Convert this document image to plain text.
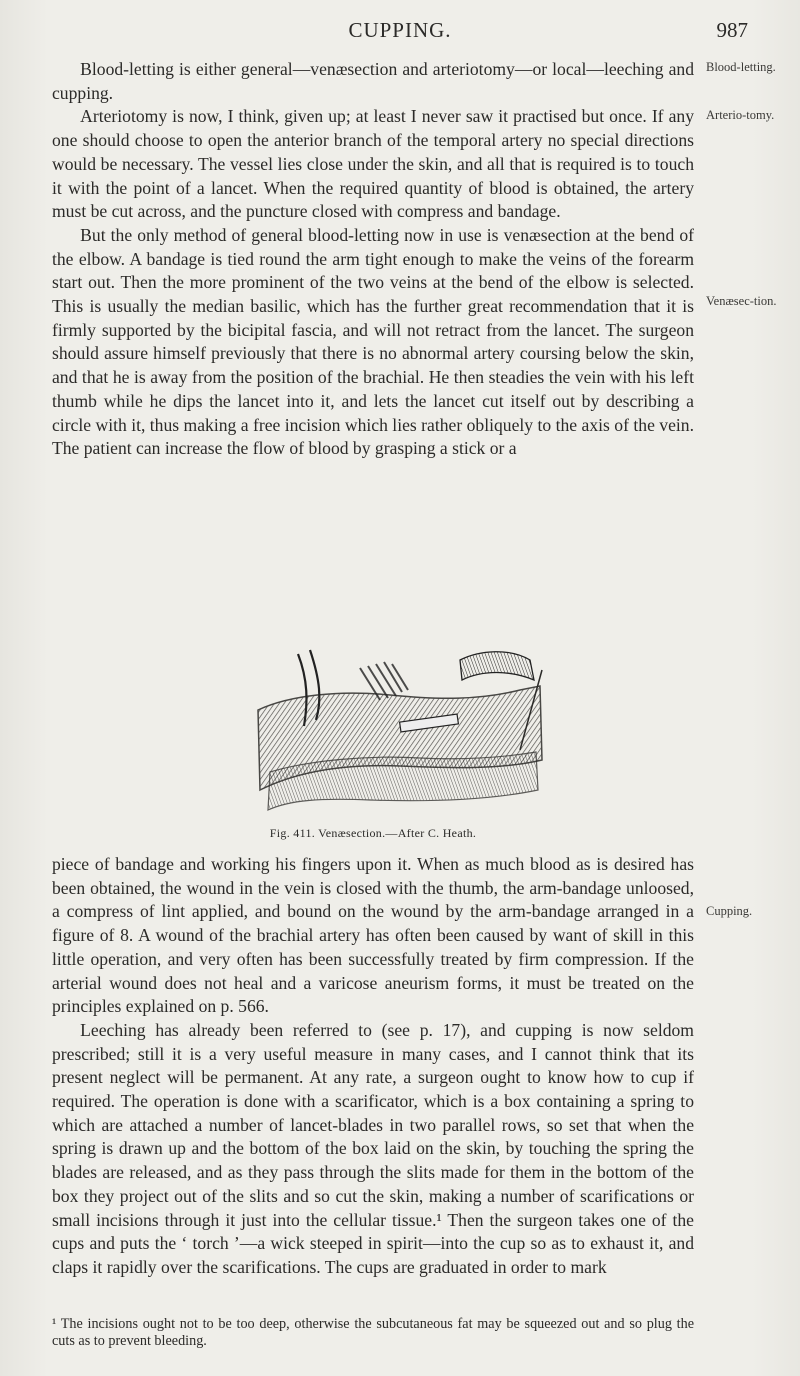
CUPPING.	987

Blood-letting is either general—venæsection and arteriotomy—or local—leeching and cupping.

Arteriotomy is now, I think, given up; at least I never saw it practised but once. If any one should choose to open the anterior branch of the temporal artery no special directions would be necessary. The vessel lies close under the skin, and all that is required is to touch it with the point of a lancet. When the required quantity of blood is obtained, the artery must be cut across, and the puncture closed with compress and bandage.

But the only method of general blood-letting now in use is venæsection at the bend of the elbow. A bandage is tied round the arm tight enough to make the veins of the forearm start out. Then the more prominent of the two veins at the bend of the elbow is selected. This is usually the median basilic, which has the further great recommendation that it is firmly supported by the bicipital fascia, and will not retract from the lancet. The surgeon should assure himself previously that there is no abnormal artery coursing below the skin, and that he is away from the position of the brachial. He then steadies the vein with his left thumb while he dips the lancet into it, and lets the lancet cut itself out by describing a circle with it, thus making a free incision which lies rather obliquely to the axis of the vein. The patient can increase the flow of blood by grasping a stick or a

Blood-letting.
Arterio-tomy.
Venæsec-tion.
Cupping.
Fig. 411. Venæsection.—After C. Heath.

piece of bandage and working his fingers upon it. When as much blood as is desired has been obtained, the wound in the vein is closed with the thumb, the arm-bandage unloosed, a compress of lint applied, and bound on the wound by the arm-bandage arranged in a figure of 8. A wound of the brachial artery has often been caused by want of skill in this little operation, and very often has been successfully treated by firm compression. If the arterial wound does not heal and a varicose aneurism forms, it must be treated on the principles explained on p. 566.

Leeching has already been referred to (see p. 17), and cupping is now seldom prescribed; still it is a very useful measure in many cases, and I cannot think that its present neglect will be permanent. At any rate, a surgeon ought to know how to cup if required. The operation is done with a scarificator, which is a box containing a spring to which are attached a number of lancet-blades in two parallel rows, so set that when the spring is drawn up and the bottom of the box laid on the skin, by touching the spring the blades are released, and as they pass through the slits made for them in the bottom of the box they project out of the slits and so cut the skin, making a number of scarifications or small incisions through it just into the cellular tissue.¹ Then the surgeon takes one of the cups and puts the ‘ torch ’—a wick steeped in spirit—into the cup so as to exhaust it, and claps it rapidly over the scarifications. The cups are graduated in order to mark

¹ The incisions ought not to be too deep, otherwise the subcutaneous fat may be squeezed out and so plug the cuts as to prevent bleeding.
